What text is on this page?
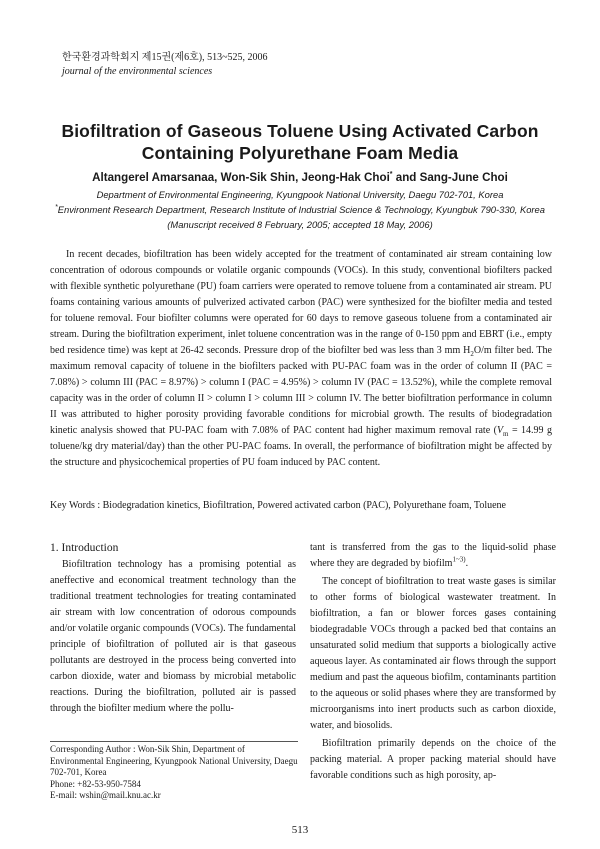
한국환경과학회지 제15권(제6호), 513~525, 2006
journal of the environmental sciences
Biofiltration of Gaseous Toluene Using Activated Carbon
Containing Polyurethane Foam Media
Altangerel Amarsanaa, Won-Sik Shin, Jeong-Hak Choi* and Sang-June Choi
Department of Environmental Engineering, Kyungpook National University, Daegu 702-701, Korea
*Environment Research Department, Research Institute of Industrial Science & Technology, Kyungbuk 790-330, Korea
(Manuscript received 8 February, 2005; accepted 18 May, 2006)

In recent decades, biofiltration has been widely accepted for the treatment of contaminated air stream containing low concentration of odorous compounds or volatile organic compounds (VOCs). In this study, conventional biofilters packed with flexible synthetic polyurethane (PU) foam carriers were operated to remove toluene from a contaminated air stream. PU foams containing various amounts of pulverized activated carbon (PAC) were synthesized for the biofilter media and tested for toluene removal. Four biofilter columns were operated for 60 days to remove gaseous toluene from a contaminated air stream. During the biofiltration experiment, inlet toluene concentration was in the range of 0-150 ppm and EBRT (i.e., empty bed residence time) was kept at 26-42 seconds. Pressure drop of the biofilter bed was less than 3 mm $H_2O/m$ filter bed. The maximum removal capacity of toluene in the biofilters packed with PU-PAC foam was in the order of column II (PAC = 7.08%) > column III (PAC = 8.97%) > column I (PAC = 4.95%) > column IV (PAC = 13.52%), while the complete removal capacity was in the order of column II > column I > column III > column IV. The better biofiltration performance in column II was attributed to higher porosity providing favorable conditions for microbial growth. The results of biodegradation kinetic analysis showed that PU-PAC foam with 7.08% of PAC content had higher maximum removal rate ($V_m = 14.99$ g toluene/kg dry material/day) than the other PU-PAC foams. In overall, the performance of biofiltration might be affected by the structure and physicochemical properties of PU foam induced by PAC content.

Key Words : Biodegradation kinetics, Biofiltration, Powered activated carbon (PAC), Polyurethane foam, Toluene
1. Introduction

Biofiltration technology has a promising potential as aneffective and economical treatment technology than the traditional treatment technologies for treating contaminated air stream with low concentration of odorous compounds and/or volatile organic compounds (VOCs). The fundamental principle of biofiltration of polluted air is that gaseous pollutants are destroyed in the process being converted into carbon dioxide, water and biomass by microbial metabolic reactions. During the biofiltration, polluted air is passed through the biofilter medium where the pollu-

tant is transferred from the gas to the liquid-solid phase where they are degraded by biofilm$^{1\sim 3)}$.

The concept of biofiltration to treat waste gases is similar to other forms of biological wastewater treatment. In biofiltration, a fan or blower forces gases containing biodegradable VOCs through a packed bed that contains an unsaturated solid medium that supports a biologically active aqueous layer. As contaminated air flows through the support medium and past the aqueous biofilm, contaminants partition to the aqueous or solid phases where they are transformed by microorganisms into inert products such as carbon dioxide, water, and biosolids.

Biofiltration primarily depends on the choice of the packing material. A proper packing material should have favorable conditions such as high porosity, ap-

Corresponding Author : Won-Sik Shin, Department of Environmental Engineering, Kyungpook National University, Daegu 702-701, Korea
Phone: +82-53-950-7584
E-mail: wshin@mail.knu.ac.kr
513
